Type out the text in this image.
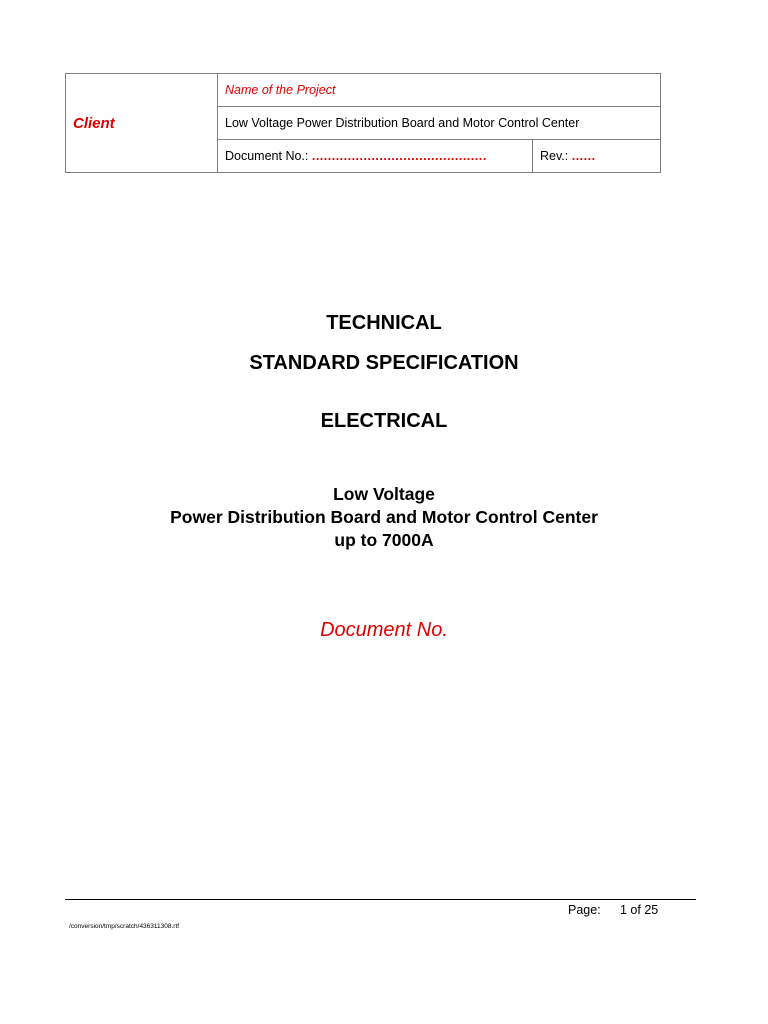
Client	Name of the Project	
	Low Voltage Power Distribution Board and Motor Control Center	
	Document No.: ............................................	Rev.: ......
TECHNICAL
STANDARD SPECIFICATION
ELECTRICAL
Low Voltage
Power Distribution Board and Motor Control Center
up to 7000A
Document No.
Page: 1 of 25
/conversion/tmp/scratch/436311308.rtf
